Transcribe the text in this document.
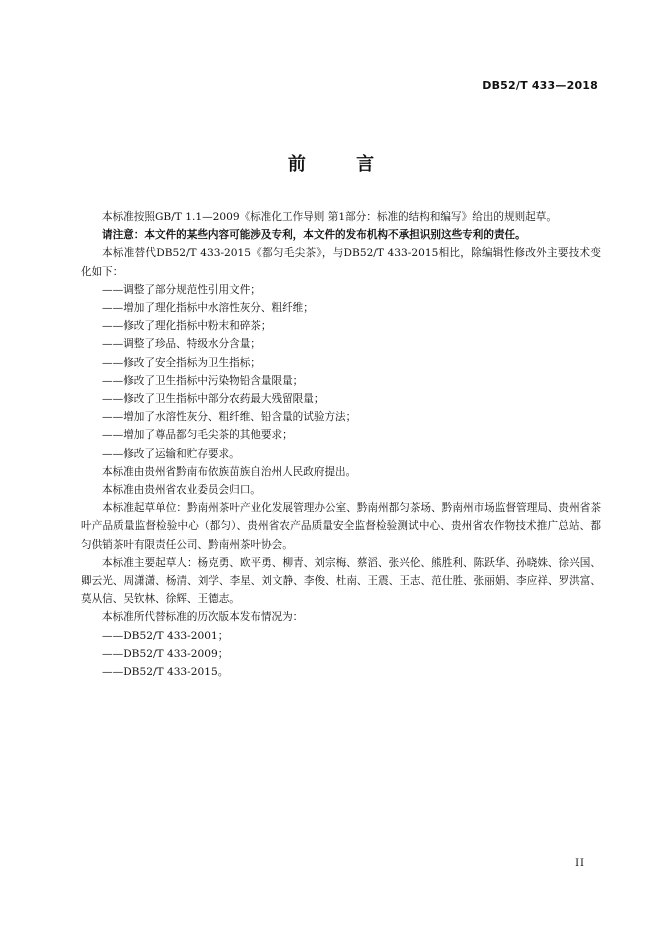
DB52/T 433—2018
前 言

本标准按照GB/T 1.1—2009《标准化工作导则 第1部分：标准的结构和编写》给出的规则起草。

请注意：本文件的某些内容可能涉及专利，本文件的发布机构不承担识别这些专利的责任。

本标准替代DB52/T 433-2015《都匀毛尖茶》，与DB52/T 433-2015相比，除编辑性修改外主要技术变化如下：

——调整了部分规范性引用文件；

——增加了理化指标中水溶性灰分、粗纤维；

——修改了理化指标中粉末和碎茶；

——调整了珍品、特级水分含量；

——修改了安全指标为卫生指标；

——修改了卫生指标中污染物铅含量限量；

——修改了卫生指标中部分农药最大残留限量；

——增加了水溶性灰分、粗纤维、铅含量的试验方法；

——增加了尊品都匀毛尖茶的其他要求；

——修改了运输和贮存要求。

本标准由贵州省黔南布依族苗族自治州人民政府提出。

本标准由贵州省农业委员会归口。

本标准起草单位：黔南州茶叶产业化发展管理办公室、黔南州都匀茶场、黔南州市场监督管理局、贵州省茶叶产品质量监督检验中心（都匀）、贵州省农产品质量安全监督检验测试中心、贵州省农作物技术推广总站、都匀供销茶叶有限责任公司、黔南州茶叶协会。

本标准主要起草人：杨克勇、欧平勇、柳青、刘宗梅、蔡滔、张兴伦、熊胜利、陈跃华、孙晓姝、徐兴国、卿云光、周潇潇、杨清、刘学、李星、刘文静、李俊、杜南、王震、王志、范仕胜、张丽娟、李应祥、罗洪富、莫从信、吴钦林、徐辉、王德志。

本标准所代替标准的历次版本发布情况为：

——DB52/T 433-2001；

——DB52/T 433-2009；

——DB52/T 433-2015。

II
